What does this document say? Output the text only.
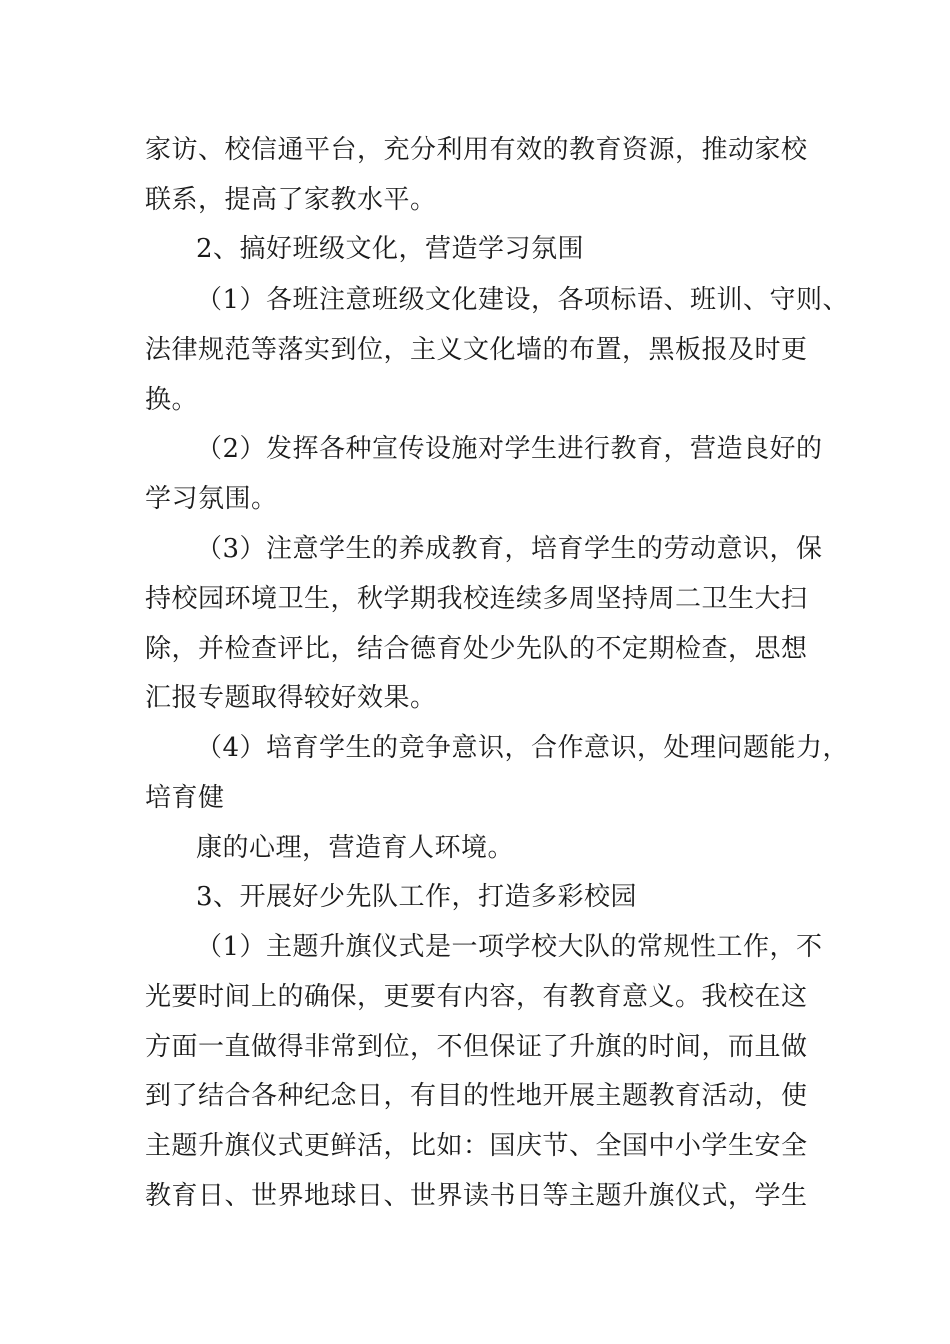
家访、校信通平台，充分利用有效的教育资源，推动家校

联系，提高了家教水平。

2、搞好班级文化，营造学习氛围

（1）各班注意班级文化建设，各项标语、班训、守则、

法律规范等落实到位，主义文化墙的布置，黑板报及时更

换。

（2）发挥各种宣传设施对学生进行教育，营造良好的

学习氛围。

（3）注意学生的养成教育，培育学生的劳动意识，保

持校园环境卫生，秋学期我校连续多周坚持周二卫生大扫

除，并检查评比，结合德育处少先队的不定期检查，思想

汇报专题取得较好效果。

（4）培育学生的竞争意识，合作意识，处理问题能力，

培育健

康的心理，营造育人环境。

3、开展好少先队工作，打造多彩校园

（1）主题升旗仪式是一项学校大队的常规性工作，不

光要时间上的确保，更要有内容，有教育意义。我校在这

方面一直做得非常到位，不但保证了升旗的时间，而且做

到了结合各种纪念日，有目的性地开展主题教育活动，使

主题升旗仪式更鲜活，比如：国庆节、全国中小学生安全

教育日、世界地球日、世界读书日等主题升旗仪式，学生
